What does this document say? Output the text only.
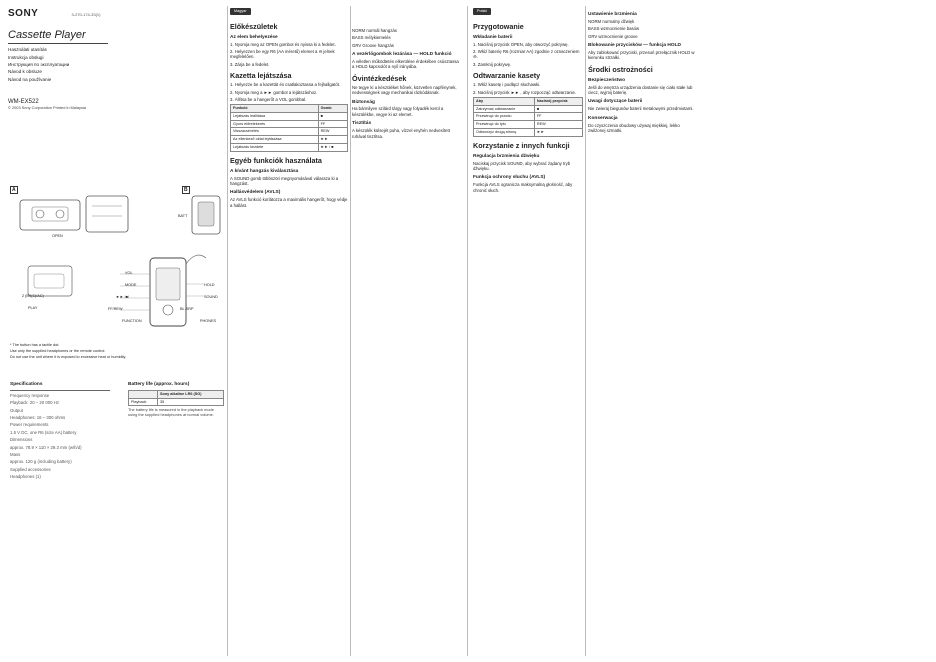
SONY	3-270-174-33(1)
Cassette Player
Használati utasítás
Instrukcja obsługi
Инструкция по эксплуатации
Návod k obsluze
Návod na používanie
WM-EX522
© 2003 Sony Corporation Printed in Malaysia
A
OPEN
B
BATT
VOL
MODE
►► /■/
FF/REW	BL.SRP
HOLD
SOUND
FUNCTION	PHONES
2 (B5(S)/AC)
PLAY
* The button has a tactile dot.
Use only the supplied headphones or the remote control.
Do not use the unit where it is exposed to excessive heat or humidity.
Specifications

Frequency response

Playback: 20 – 20 000 Hz

Output

Headphones: 16 – 300 ohms

Power requirements

1.5 V DC, one R6 (size AA) battery

Dimensions

approx. 78.9 × 110 × 29.3 mm (w/h/d)

Mass

approx. 120 g (including battery)

Supplied accessories

Headphones (1)

Battery life (approx. hours)
	Sony alkaline LR6 (SG)
Playback	35

The battery life is measured in the playback mode using the supplied headphones at normal volume.

Magyar
Előkészületek
Az elem behelyezése

1. Nyomja meg az OPEN gombot és nyissa ki a fedelet.

2. Helyezzen be egy R6 (AA méretű) elemet a ⊖ jelnek megfelelően.

3. Zárja be a fedelet.

Kazetta lejátszása

1. Helyezze be a kazettát és csatlakoztassa a fejhallgatót.

2. Nyomja meg a ►► gombot a lejátszáshoz.

3. Állítsa be a hangerőt a VOL gombbal.

Funkció	Gomb
Lejátszás leállítása	■
Gyors előretekerés	FF
Visszacsévélés	REW
Az ellenkező oldal lejátszása	►►
Lejátszás kezdete	►► / ■
Egyéb funkciók használata
A kívánt hangzás kiválasztása

A SOUND gomb többszöri megnyomásával válassza ki a hangzást.

Hallásvédelem (AVLS)

Az AVLS funkció korlátozza a maximális hangerőt, hogy védje a hallást.

NORM normál hangzás

BASS mélykiemelés

GRV Groove hangzás

A vezérlőgombok lezárása — HOLD funkció

A véletlen működtetés elkerülése érdekében csúsztassa a HOLD kapcsolót a nyíl irányába.

Óvintézkedések

Ne tegye ki a készüléket hőnek, közvetlen napfénynek, nedvességnek vagy mechanikai rázkódásnak.

Biztonság

Ha bármilyen szilárd tárgy vagy folyadék kerül a készülékbe, vegye ki az elemet.

Tisztítás

A készülék külsejét puha, vízzel enyhén nedvesített ruhával tisztítsa.

Polski
Przygotowanie
Wkładanie baterii

1. Naciśnij przycisk OPEN, aby otworzyć pokrywę.

2. Włóż baterię R6 (rozmiar AA) zgodnie z oznaczeniem ⊖.

3. Zamknij pokrywę.

Odtwarzanie kasety

1. Włóż kasetę i podłącz słuchawki.

2. Naciśnij przycisk ►► , aby rozpocząć odtwarzanie.

Aby	Naciśnij przycisk
Zatrzymać odtwarzanie	■
Przewinąć do przodu	FF
Przewinąć do tyłu	REW
Odtworzyć drugą stronę	►►
Korzystanie z innych funkcji
Regulacja brzmienia dźwięku

Naciskaj przycisk SOUND, aby wybrać żądany tryb dźwięku.

Funkcja ochrony słuchu (AVLS)

Funkcja AVLS ogranicza maksymalną głośność, aby chronić słuch.

Ustawienie brzmienia

NORM normalny dźwięk

BASS wzmocnienie basów

GRV wzmocnienie groove

Blokowanie przycisków — funkcja HOLD

Aby zablokować przyciski, przesuń przełącznik HOLD w kierunku strzałki.

Środki ostrożności
Bezpieczeństwo

Jeśli do wnętrza urządzenia dostanie się ciało stałe lub ciecz, wyjmij baterię.

Uwagi dotyczące baterii

Nie zwieraj biegunów baterii metalowymi przedmiotami.

Konserwacja

Do czyszczenia obudowy używaj miękkiej, lekko zwilżonej szmatki.
